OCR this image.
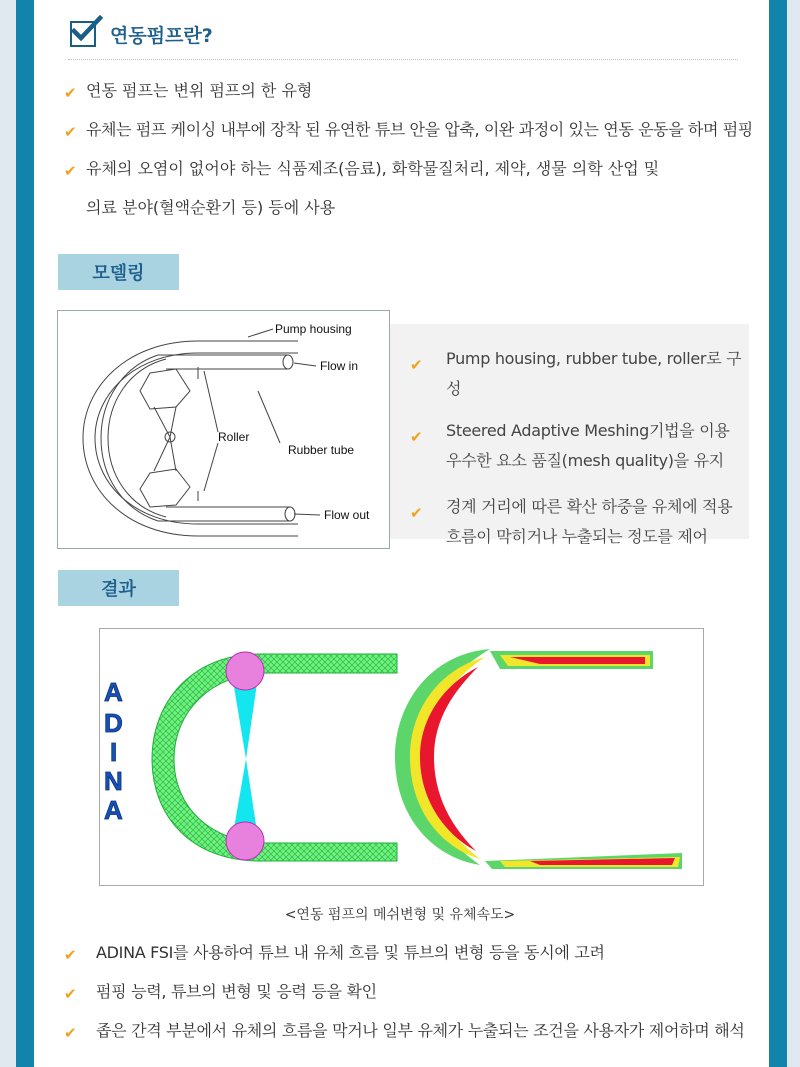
연동펌프란?
✔ 연동 펌프는 변위 펌프의 한 유형
✔ 유체는 펌프 케이싱 내부에 장착 된 유연한 튜브 안을 압축, 이완 과정이 있는 연동 운동을 하며 펌핑
✔ 유체의 오염이 없어야 하는 식품제조(음료), 화학물질처리, 제약, 생물 의학 산업 및
의료 분야(혈액순환기 등) 등에 사용
모델링
Pump housing
Flow in
Roller
Rubber tube
Flow out
✔ Pump housing, rubber tube, roller로 구성
✔ Steered Adaptive Meshing기법을 이용
우수한 요소 품질(mesh quality)을 유지
✔ 경계 거리에 따른 확산 하중을 유체에 적용
흐름이 막히거나 누출되는 정도를 제어
결과
A
D
I
N
A
<연동 펌프의 메쉬변형 및 유체속도>
✔ ADINA FSI를 사용하여 튜브 내 유체 흐름 및 튜브의 변형 등을 동시에 고려
✔ 펌핑 능력, 튜브의 변형 및 응력 등을 확인
✔ 좁은 간격 부분에서 유체의 흐름을 막거나 일부 유체가 누출되는 조건을 사용자가 제어하며 해석
